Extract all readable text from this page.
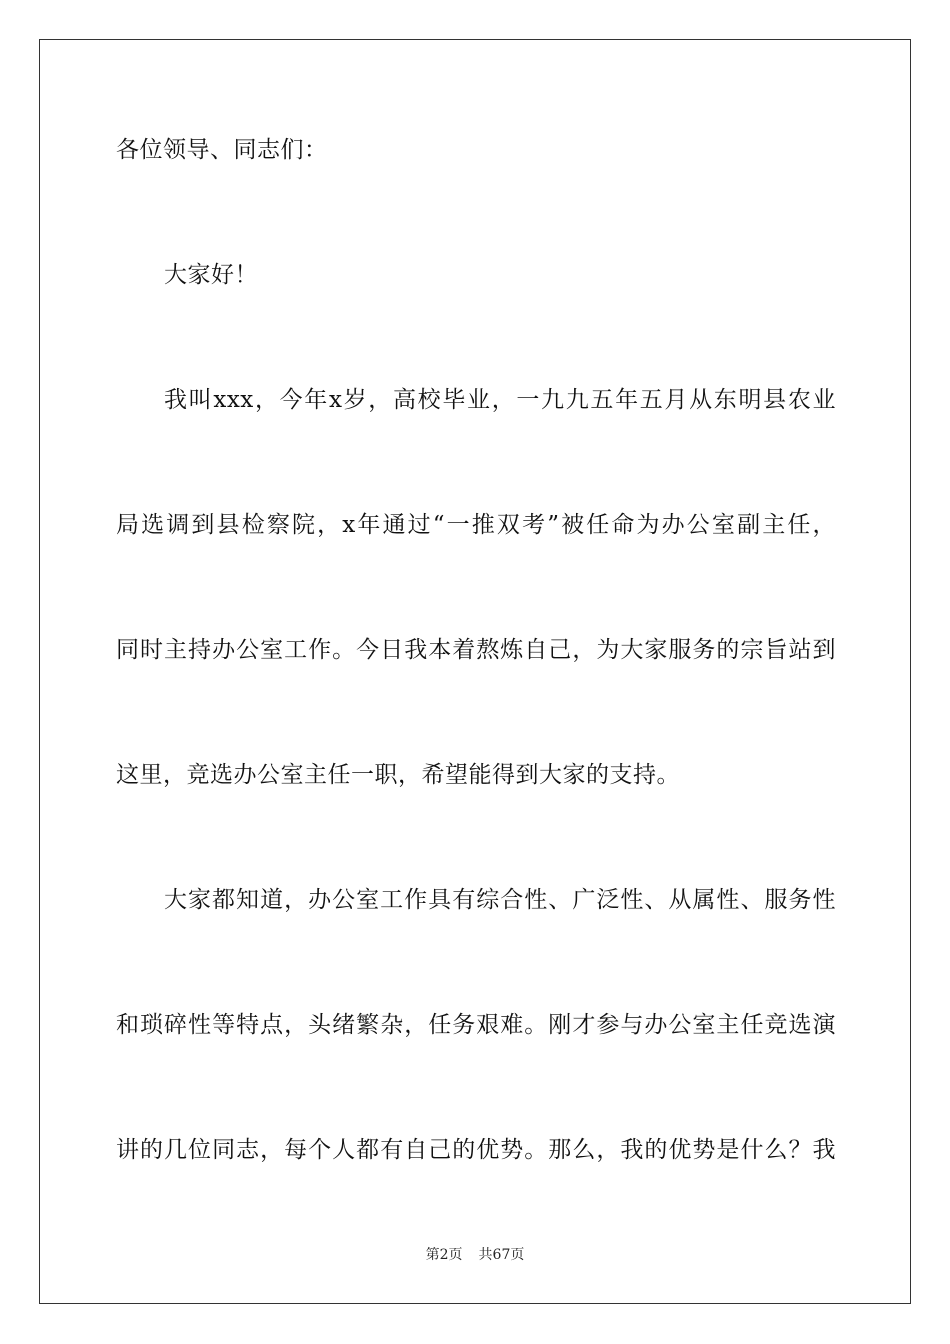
各位领导、同志们：
大家好！
我叫xxx，今年x岁，高校毕业，一九九五年五月从东明县农业
局选调到县检察院，x年通过“一推双考”被任命为办公室副主任，
同时主持办公室工作。今日我本着熬炼自己，为大家服务的宗旨站到
这里，竞选办公室主任一职，希望能得到大家的支持。
大家都知道，办公室工作具有综合性、广泛性、从属性、服务性
和琐碎性等特点，头绪繁杂，任务艰难。刚才参与办公室主任竞选演
讲的几位同志，每个人都有自己的优势。那么，我的优势是什么？我
第2页 共67页
